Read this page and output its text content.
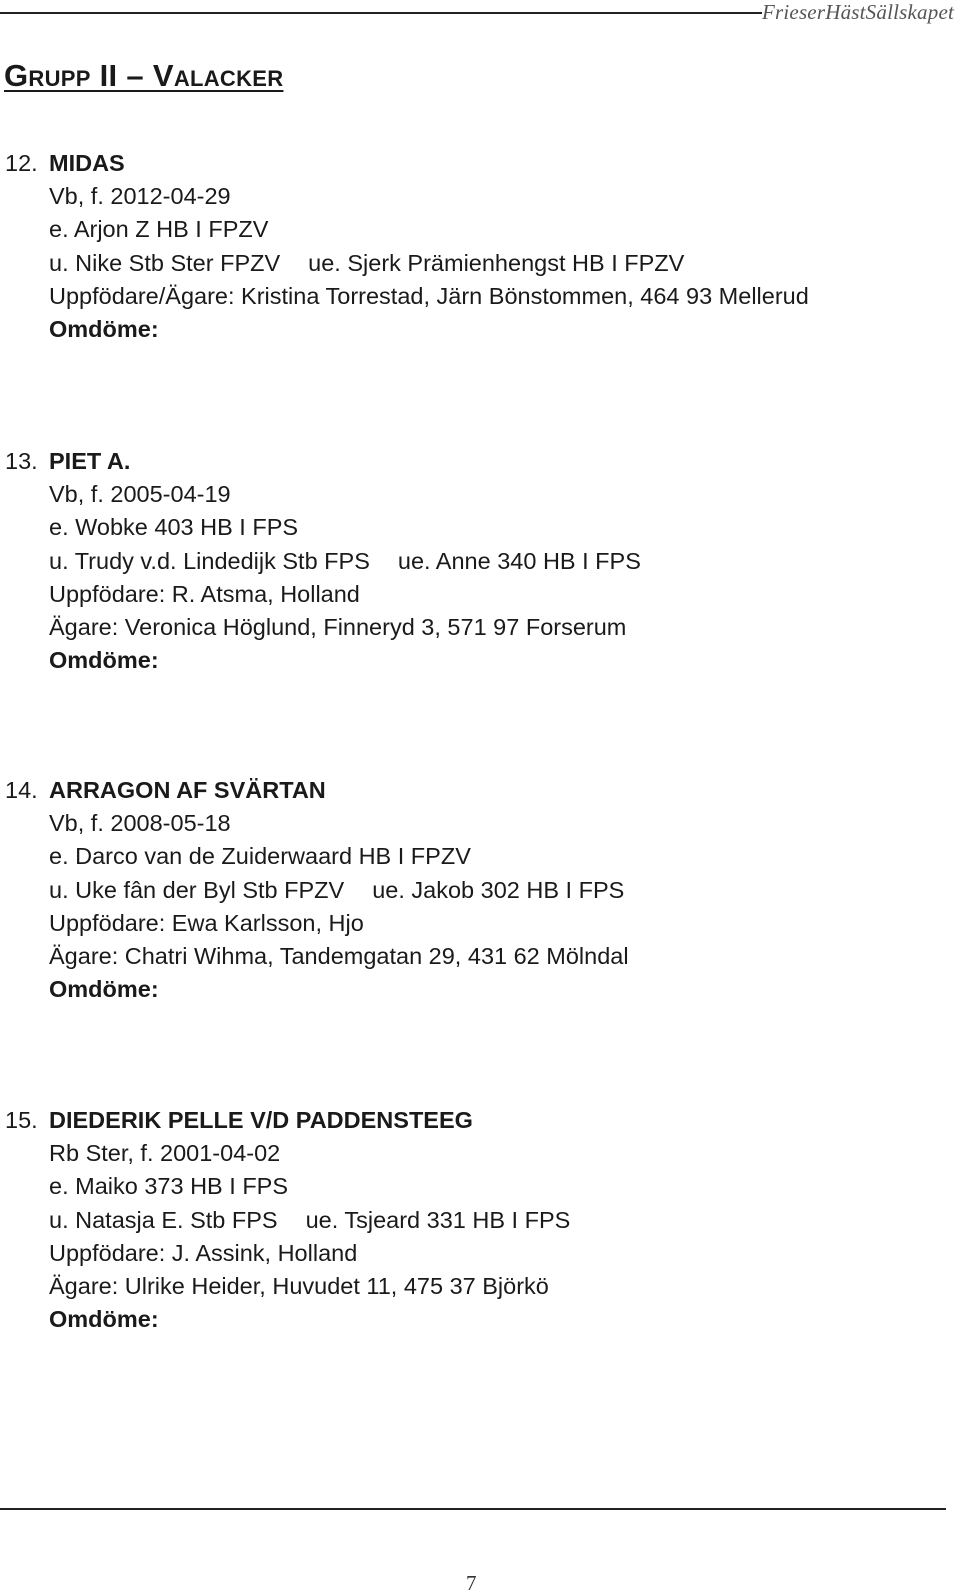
FrieserHästSällskapet
Grupp II – Valacker
12. MIDAS
Vb, f. 2012-04-29
e. Arjon Z HB I FPZV
u. Nike Stb Ster FPZV ue. Sjerk Prämienhengst HB I FPZV
Uppfödare/Ägare: Kristina Torrestad, Järn Bönstommen, 464 93 Mellerud
Omdöme:
13. PIET A.
Vb, f. 2005-04-19
e. Wobke 403 HB I FPS
u. Trudy v.d. Lindedijk Stb FPS ue. Anne 340 HB I FPS
Uppfödare: R. Atsma, Holland
Ägare: Veronica Höglund, Finneryd 3, 571 97 Forserum
Omdöme:
14. ARRAGON AF SVÄRTAN
Vb, f. 2008-05-18
e. Darco van de Zuiderwaard HB I FPZV
u. Uke fân der Byl Stb FPZV ue. Jakob 302 HB I FPS
Uppfödare: Ewa Karlsson, Hjo
Ägare: Chatri Wihma, Tandemgatan 29, 431 62 Mölndal
Omdöme:
15. DIEDERIK PELLE V/D PADDENSTEEG
Rb Ster, f. 2001-04-02
e. Maiko 373 HB I FPS
u. Natasja E. Stb FPS ue. Tsjeard 331 HB I FPS
Uppfödare: J. Assink, Holland
Ägare: Ulrike Heider, Huvudet 11, 475 37 Björkö
Omdöme:
7
